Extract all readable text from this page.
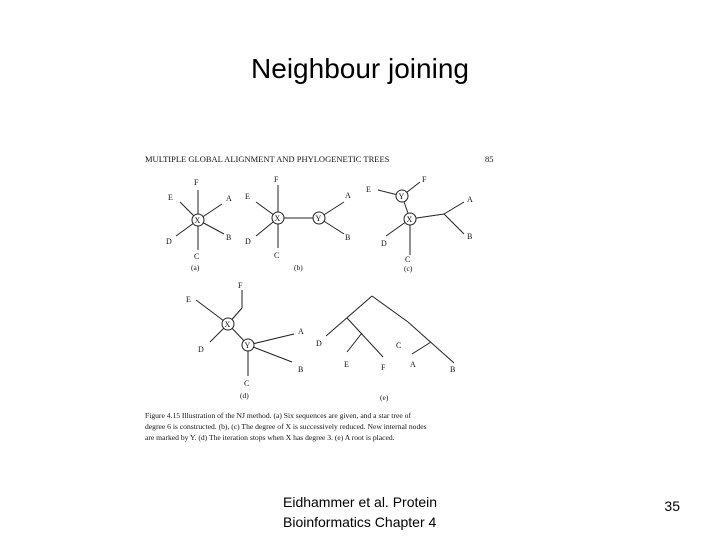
Neighbour joining
MULTIPLE GLOBAL ALIGNMENT AND PHYLOGENETIC TREES	85
X
F
E	A
B
D
C
(a)
X	Y
F
E
D
C
A
B
(b)
Y
X
E
F
D
C
A
B
(c)
X
Y
E
F
D
A
B
C
(d)
D
E	F
C
A
B
(e)
Figure 4.15 Illustration of the NJ method. (a) Six sequences are given, and a star tree of
degree 6 is constructed. (b), (c) The degree of X is successively reduced. New internal nodes
are marked by Y. (d) The iteration stops when X has degree 3. (e) A root is placed.
Eidhammer et al. Protein
Bioinformatics Chapter 4
35
